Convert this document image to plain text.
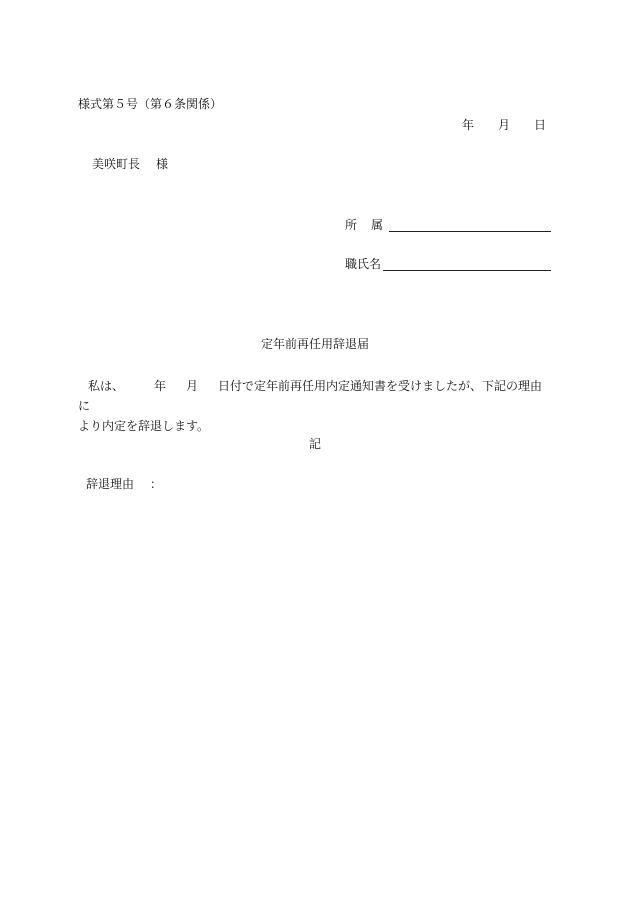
様式第５号（第６条関係）
年 月 日
美咲町長 様
所 属
職氏名
定年前再任用辞退届
私は、	年 月 日付で定年前再任用内定通知書を受けましたが、下記の理由に
より内定を辞退します。
記
辞退理由 ：
